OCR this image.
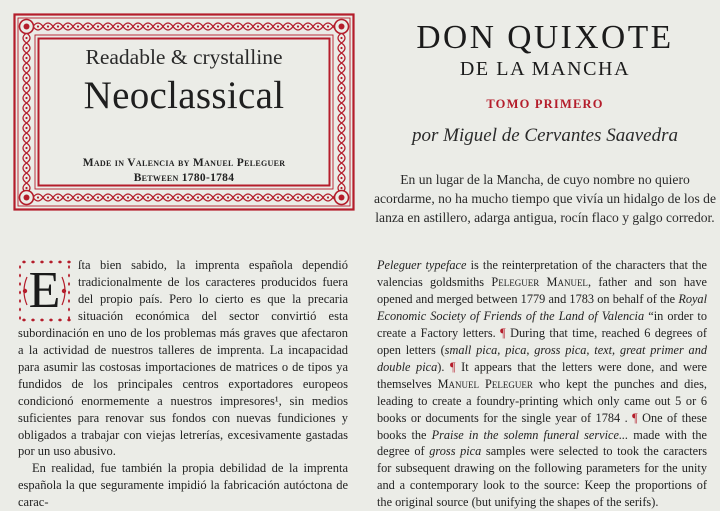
Readable & crystalline
Neoclassical
Made in Valencia by Manuel Peleguer
Between 1780-1784
DON QUIXOTE
DE LA MANCHA
TOMO PRIMERO
por Miguel de Cervantes Saavedra
En un lugar de la Mancha, de cuyo nombre no quiero
acordarme, no ha mucho tiempo que vivía un hidalgo de los de
lanza en astillero, adarga antigua, rocín flaco y galgo corredor.
E	ſta bien sabido, la imprenta española dependió tradicionalmente de los caracteres producidos fuera del propio país. Pero lo cierto es que la precaria situación económica del sector convirtió esta subordinación en uno de los problemas más graves que afectaron a la actividad de nuestros talleres de imprenta. La incapacidad para asumir las costosas importaciones de matrices o de tipos ya fundidos de los principales centros exportadores europeos condicionó enormemente a nuestros impresores¹, sin medios suficientes para renovar sus fondos con nuevas fundiciones y obligados a trabajar con viejas letrerías, excesivamente gastadas por un uso abusivo.

En realidad, fue también la propia debilidad de la imprenta española la que seguramente impidió la fabricación autóctona de carac-

Peleguer typeface is the reinterpretation of the characters that the valencias goldsmiths Peleguer Manuel, father and son have opened and merged between 1779 and 1783 on behalf of the Royal Economic Society of Friends of the Land of Valencia “in order to create a Factory letters. ¶ During that time, reached 6 degrees of open letters (small pica, pica, gross pica, text, great primer and double pica). ¶ It appears that the letters were done, and were themselves Manuel Peleguer who kept the punches and dies, leading to create a foundry-printing which only came out 5 or 6 books or documents for the single year of 1784 . ¶ One of these books the Praise in the solemn funeral service... made with the degree of gross pica samples were selected to took the caracters for subsequent drawing on the following parameters for the unity and a contemporary look to the source: Keep the proportions of the original source (but unifying the shapes of the serifs).
